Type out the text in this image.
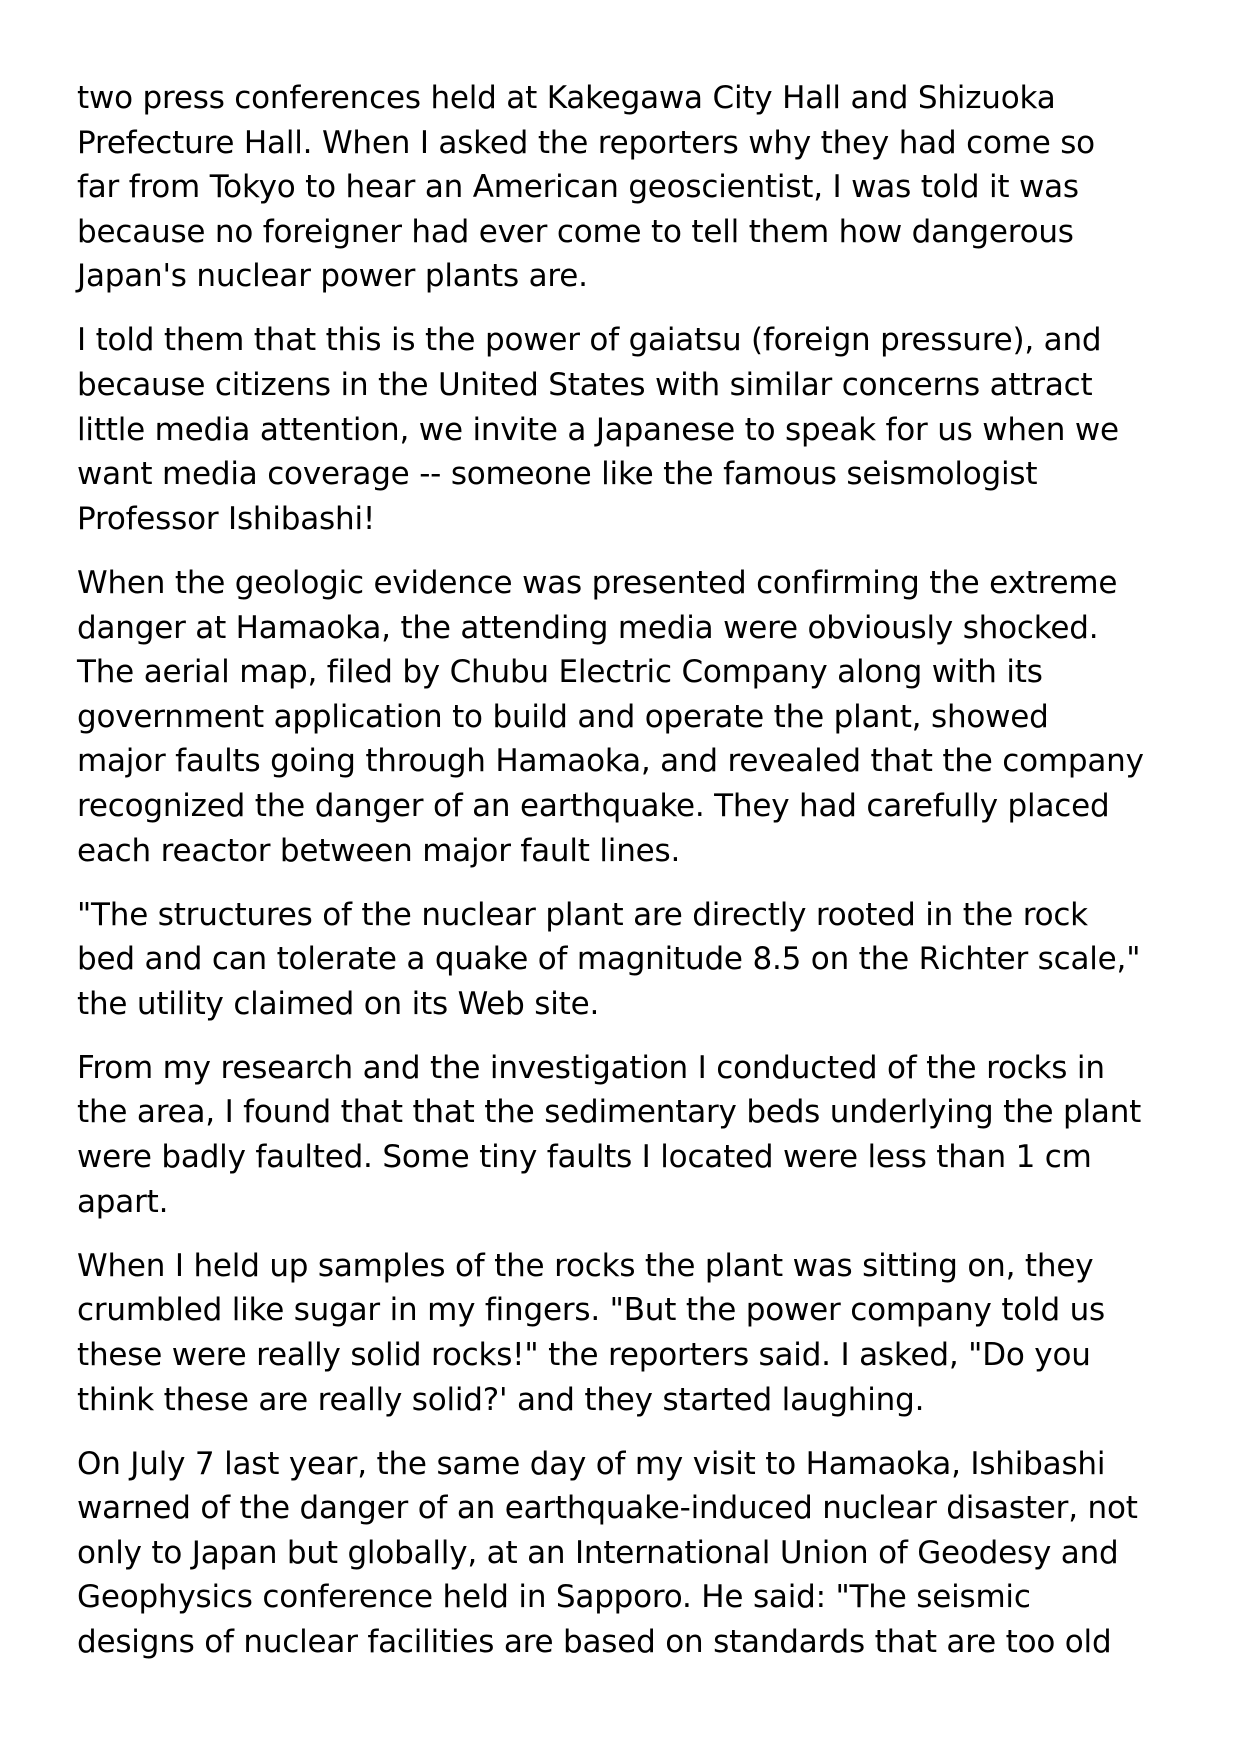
two press conferences held at Kakegawa City Hall and Shizuoka
Prefecture Hall. When I asked the reporters why they had come so
far from Tokyo to hear an American geoscientist, I was told it was
because no foreigner had ever come to tell them how dangerous
Japan's nuclear power plants are.

I told them that this is the power of gaiatsu (foreign pressure), and
because citizens in the United States with similar concerns attract
little media attention, we invite a Japanese to speak for us when we
want media coverage -- someone like the famous seismologist
Professor Ishibashi!

When the geologic evidence was presented confirming the extreme
danger at Hamaoka, the attending media were obviously shocked.
The aerial map, filed by Chubu Electric Company along with its
government application to build and operate the plant, showed
major faults going through Hamaoka, and revealed that the company
recognized the danger of an earthquake. They had carefully placed
each reactor between major fault lines.

"The structures of the nuclear plant are directly rooted in the rock
bed and can tolerate a quake of magnitude 8.5 on the Richter scale,"
the utility claimed on its Web site.

From my research and the investigation I conducted of the rocks in
the area, I found that that the sedimentary beds underlying the plant
were badly faulted. Some tiny faults I located were less than 1 cm
apart.

When I held up samples of the rocks the plant was sitting on, they
crumbled like sugar in my fingers. "But the power company told us
these were really solid rocks!" the reporters said. I asked, "Do you
think these are really solid?' and they started laughing.

On July 7 last year, the same day of my visit to Hamaoka, Ishibashi
warned of the danger of an earthquake-induced nuclear disaster, not
only to Japan but globally, at an International Union of Geodesy and
Geophysics conference held in Sapporo. He said: "The seismic
designs of nuclear facilities are based on standards that are too old
